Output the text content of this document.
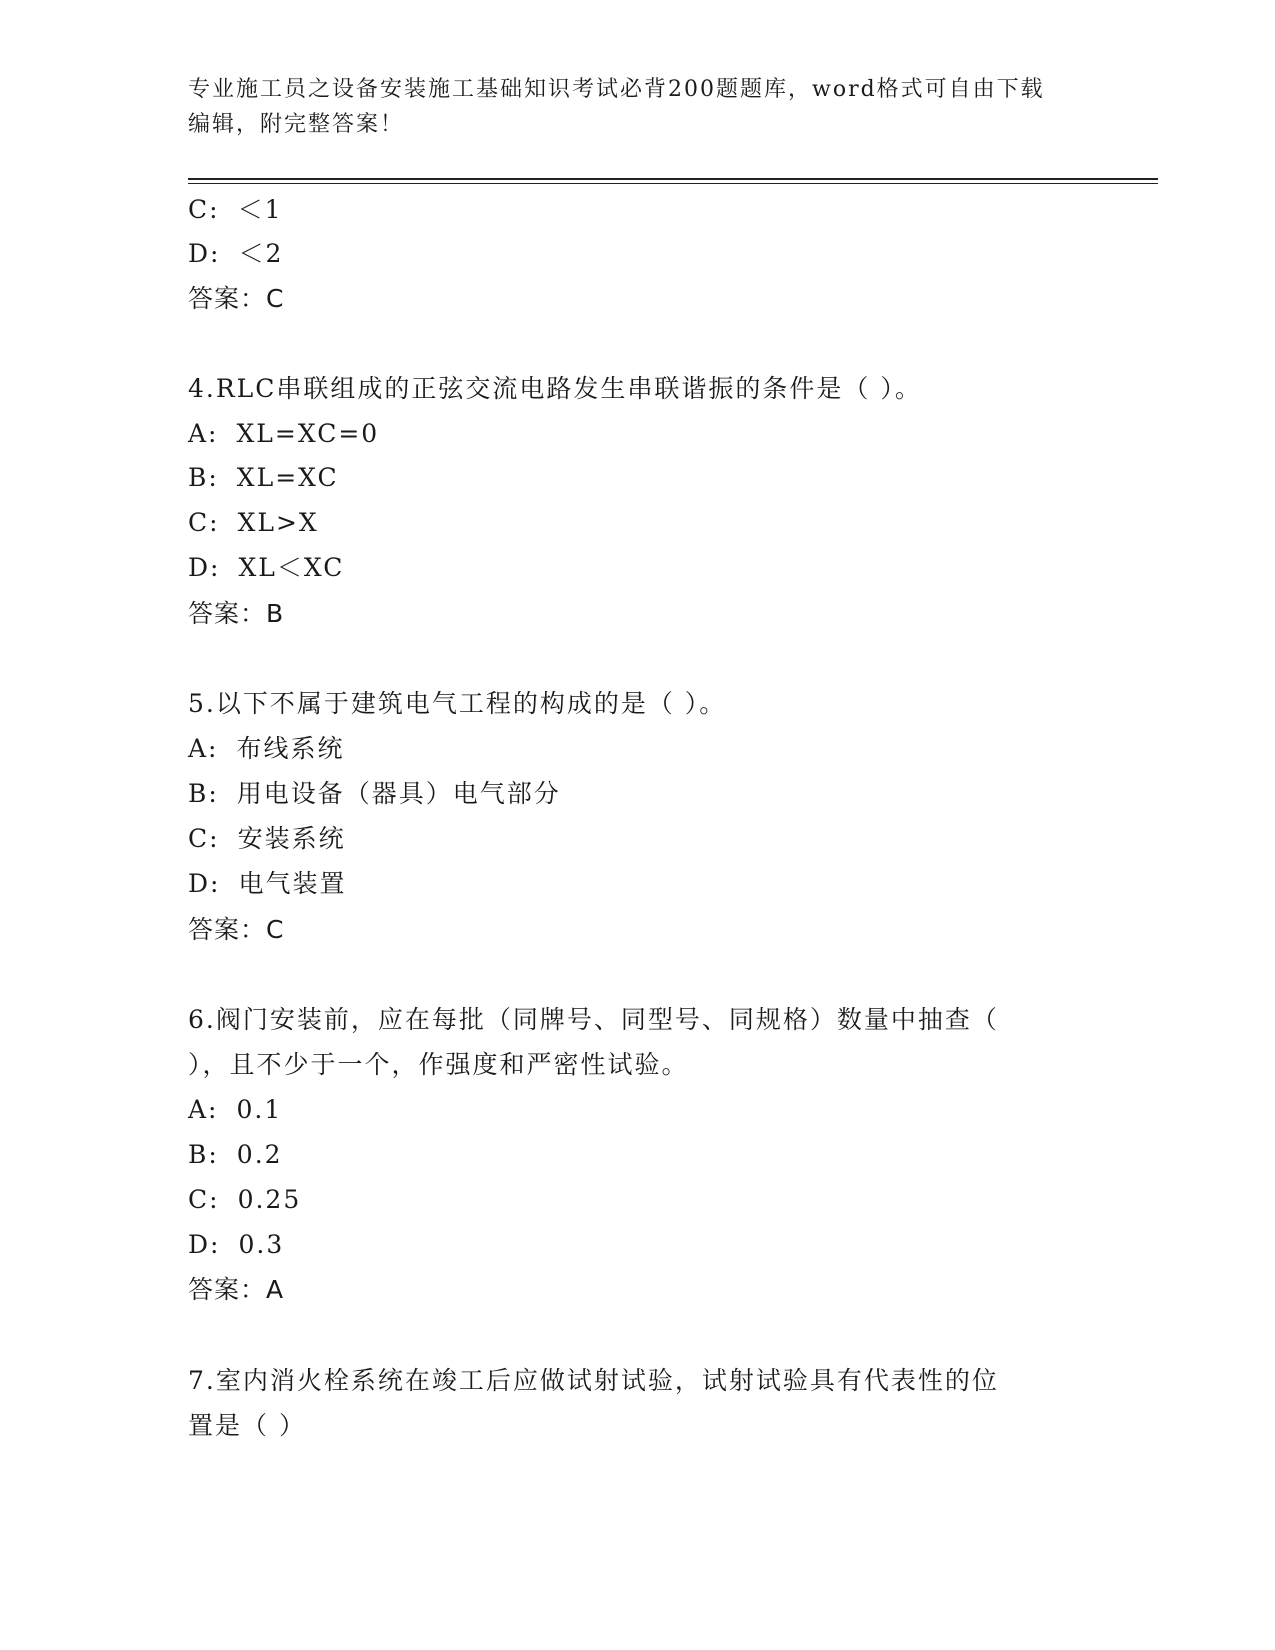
专业施工员之设备安装施工基础知识考试必背200题题库，word格式可自由下载
编辑，附完整答案！
C: ＜1
D: ＜2
答案：C
4.RLC串联组成的正弦交流电路发生串联谐振的条件是（ ）。
A: XL=XC=0
B: XL=XC
C: XL>X
D: XL＜XC
答案：B
5.以下不属于建筑电气工程的构成的是（ ）。
A: 布线系统
B: 用电设备（器具）电气部分
C: 安装系统
D: 电气装置
答案：C
6.阀门安装前，应在每批（同牌号、同型号、同规格）数量中抽查（
），且不少于一个，作强度和严密性试验。
A: 0.1
B: 0.2
C: 0.25
D: 0.3
答案：A
7.室内消火栓系统在竣工后应做试射试验，试射试验具有代表性的位
置是（ ）
